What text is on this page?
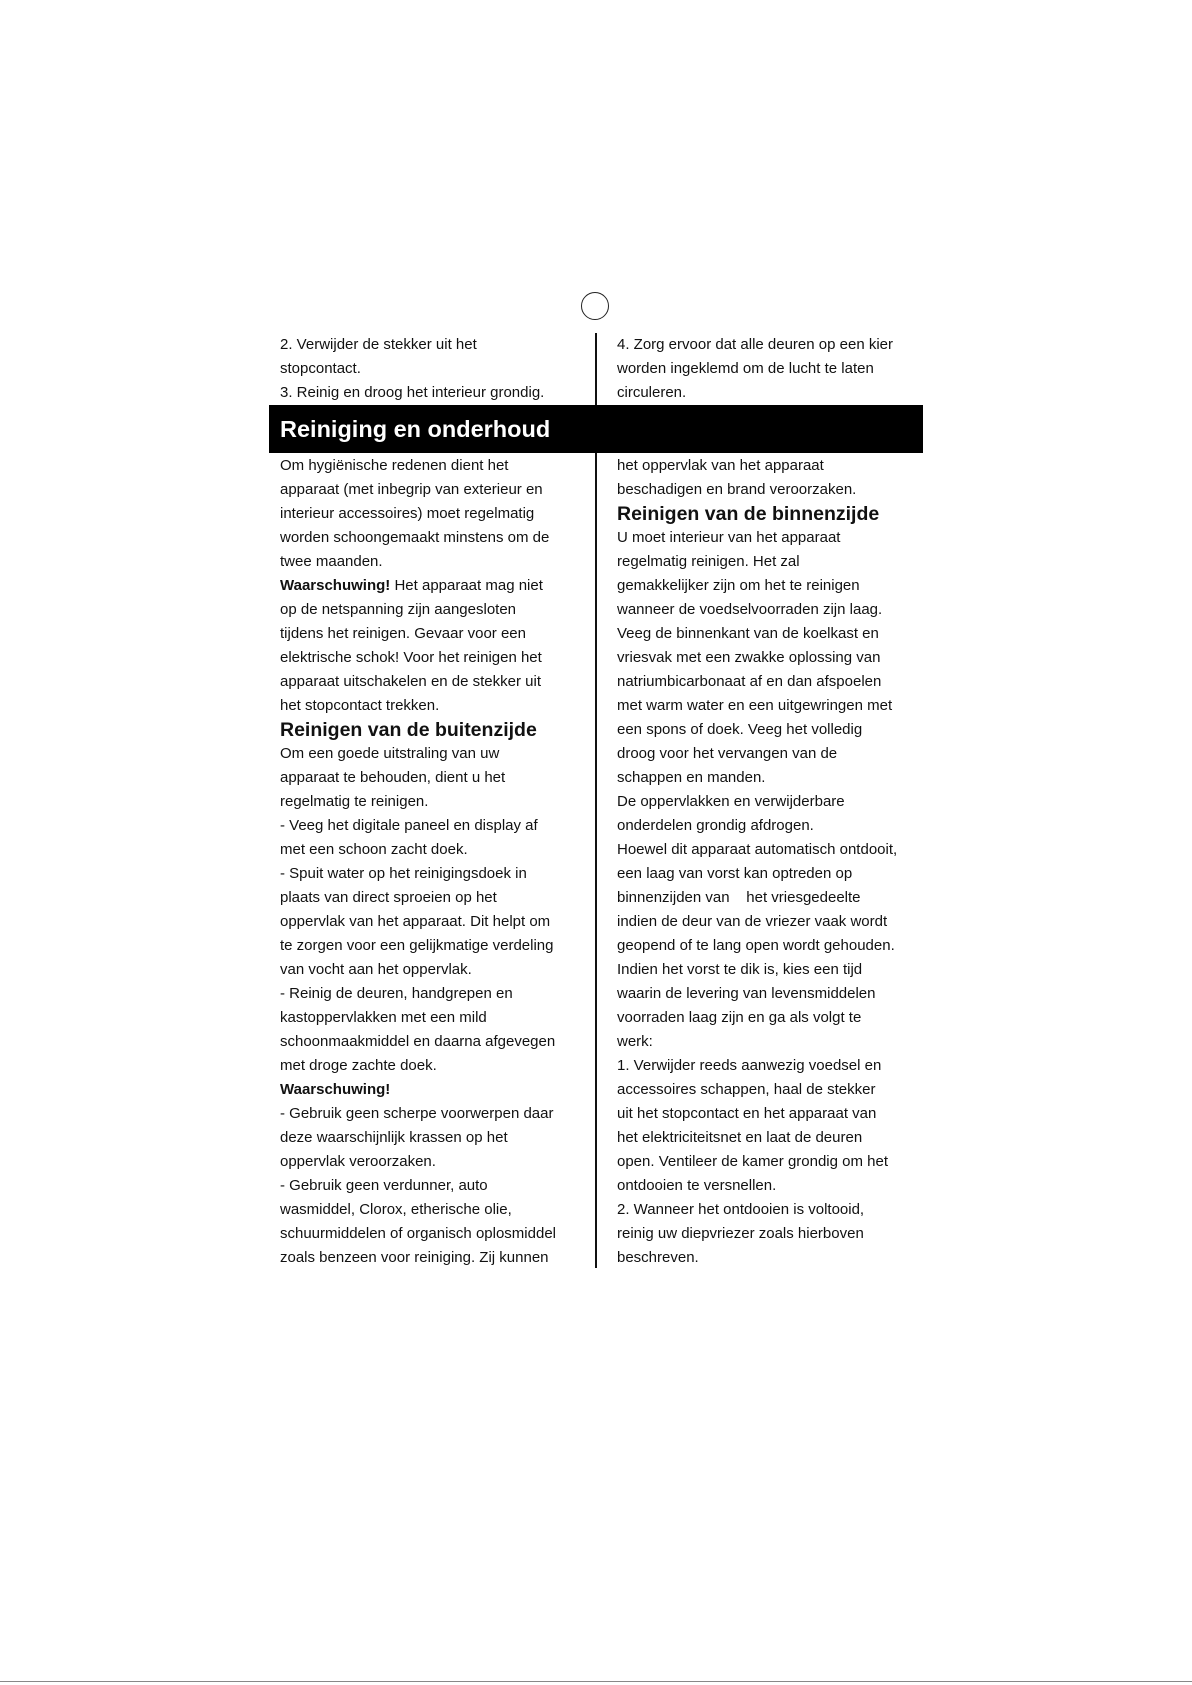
2. Verwijder de stekker uit het

stopcontact.

3. Reinig en droog het interieur grondig.

4. Zorg ervoor dat alle deuren op een kier

worden ingeklemd om de lucht te laten

circuleren.

Reiniging en onderhoud

Om hygiënische redenen dient het

apparaat (met inbegrip van exterieur en

interieur accessoires) moet regelmatig

worden schoongemaakt minstens om de

twee maanden.

Waarschuwing! Het apparaat mag niet

op de netspanning zijn aangesloten

tijdens het reinigen. Gevaar voor een

elektrische schok! Voor het reinigen het

apparaat uitschakelen en de stekker uit

het stopcontact trekken.

Reinigen van de buitenzijde

Om een goede uitstraling van uw

apparaat te behouden, dient u het

regelmatig te reinigen.

- Veeg het digitale paneel en display af

met een schoon zacht doek.

- Spuit water op het reinigingsdoek in

plaats van direct sproeien op het

oppervlak van het apparaat. Dit helpt om

te zorgen voor een gelijkmatige verdeling

van vocht aan het oppervlak.

- Reinig de deuren, handgrepen en

kastoppervlakken met een mild

schoonmaakmiddel en daarna afgevegen

met droge zachte doek.

Waarschuwing!

- Gebruik geen scherpe voorwerpen daar

deze waarschijnlijk krassen op het

oppervlak veroorzaken.

- Gebruik geen verdunner, auto

wasmiddel, Clorox, etherische olie,

schuurmiddelen of organisch oplosmiddel

zoals benzeen voor reiniging. Zij kunnen

het oppervlak van het apparaat

beschadigen en brand veroorzaken.

Reinigen van de binnenzijde

U moet interieur van het apparaat

regelmatig reinigen. Het zal

gemakkelijker zijn om het te reinigen

wanneer de voedselvoorraden zijn laag.

Veeg de binnenkant van de koelkast en

vriesvak met een zwakke oplossing van

natriumbicarbonaat af en dan afspoelen

met warm water en een uitgewringen met

een spons of doek. Veeg het volledig

droog voor het vervangen van de

schappen en manden.

De oppervlakken en verwijderbare

onderdelen grondig afdrogen.

Hoewel dit apparaat automatisch ontdooit,

een laag van vorst kan optreden op

binnenzijden van    het vriesgedeelte

indien de deur van de vriezer vaak wordt

geopend of te lang open wordt gehouden.

Indien het vorst te dik is, kies een tijd

waarin de levering van levensmiddelen

voorraden laag zijn en ga als volgt te

werk:

1. Verwijder reeds aanwezig voedsel en

accessoires schappen, haal de stekker

uit het stopcontact en het apparaat van

het elektriciteitsnet en laat de deuren

open. Ventileer de kamer grondig om het

ontdooien te versnellen.

2. Wanneer het ontdooien is voltooid,

reinig uw diepvriezer zoals hierboven

beschreven.
